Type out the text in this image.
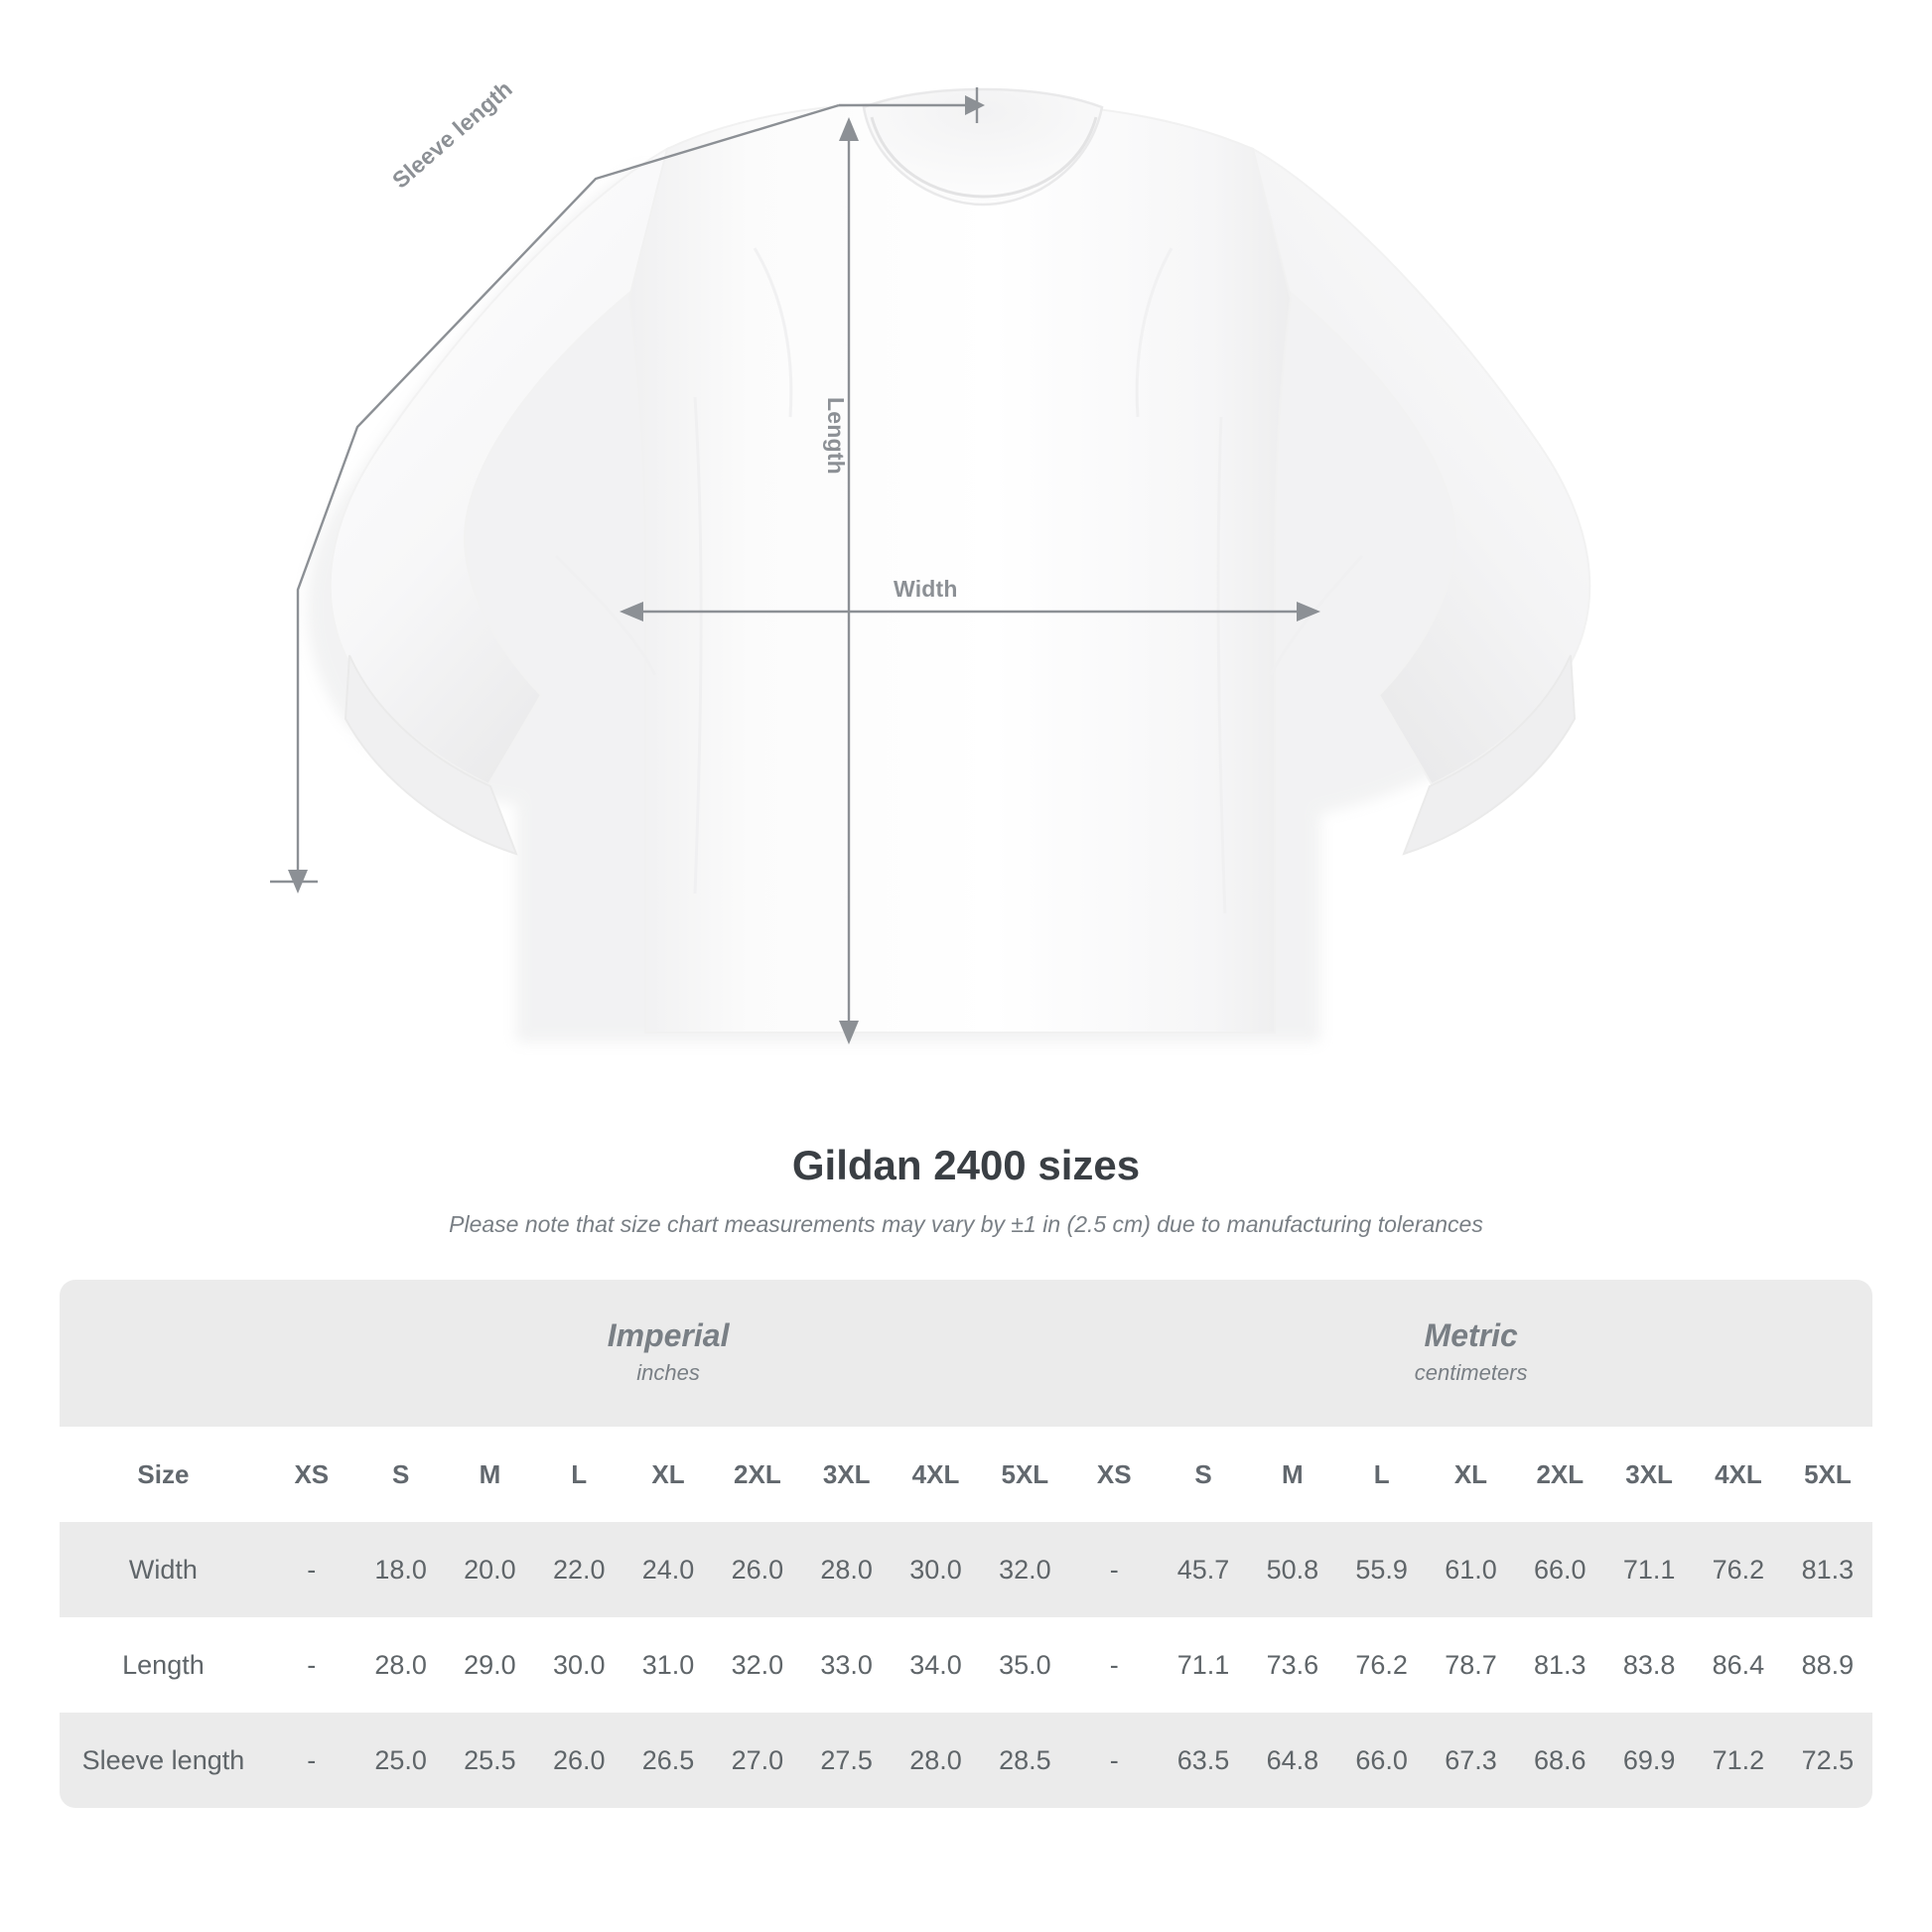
Length
Width
Sleeve length
Gildan 2400 sizes

Please note that size chart measurements may vary by ±1 in (2.5 cm) due to manufacturing tolerances

Imperial
inches

Metric
centimeters

Size	XS	S	M	L	XL	2XL	3XL	4XL	5XL	XS	S	M	L	XL	2XL	3XL	4XL	5XL
Width	-	18.0	20.0	22.0	24.0	26.0	28.0	30.0	32.0	-	45.7	50.8	55.9	61.0	66.0	71.1	76.2	81.3
Length	-	28.0	29.0	30.0	31.0	32.0	33.0	34.0	35.0	-	71.1	73.6	76.2	78.7	81.3	83.8	86.4	88.9
Sleeve length	-	25.0	25.5	26.0	26.5	27.0	27.5	28.0	28.5	-	63.5	64.8	66.0	67.3	68.6	69.9	71.2	72.5
